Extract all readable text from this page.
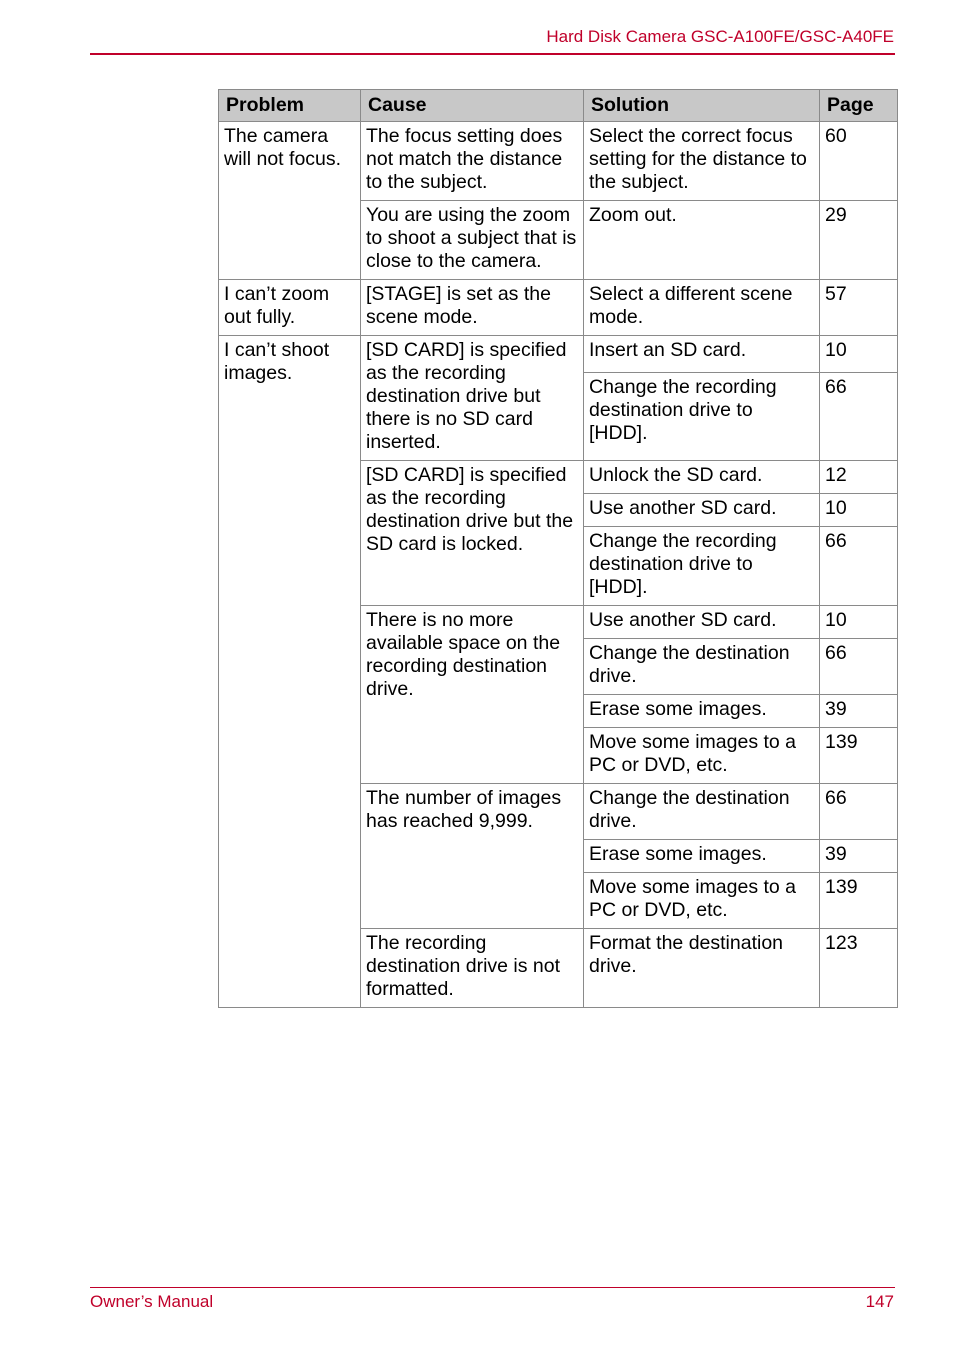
Hard Disk Camera GSC-A100FE/GSC-A40FE
Problem	Cause	Solution	Page
The camera will not focus.	The focus setting does not match the distance to the subject.	Select the correct focus setting for the distance to the subject.	60
	You are using the zoom to shoot a subject that is close to the camera.	Zoom out.	29
I can’t zoom out fully.	[STAGE] is set as the scene mode.	Select a different scene mode.	57
I can’t shoot images.	[SD CARD] is specified as the recording destination drive but there is no SD card inserted.	Insert an SD card.	10
		Change the recording destination drive to [HDD].	66
	[SD CARD] is specified as the recording destination drive but the SD card is locked.	Unlock the SD card.	12
		Use another SD card.	10
		Change the recording destination drive to [HDD].	66
	There is no more available space on the recording destination drive.	Use another SD card.	10
		Change the destination drive.	66
		Erase some images.	39
		Move some images to a PC or DVD, etc.	139
	The number of images has reached 9,999.	Change the destination drive.	66
		Erase some images.	39
		Move some images to a PC or DVD, etc.	139
	The recording destination drive is not formatted.	Format the destination drive.	123
Owner’s Manual	147
